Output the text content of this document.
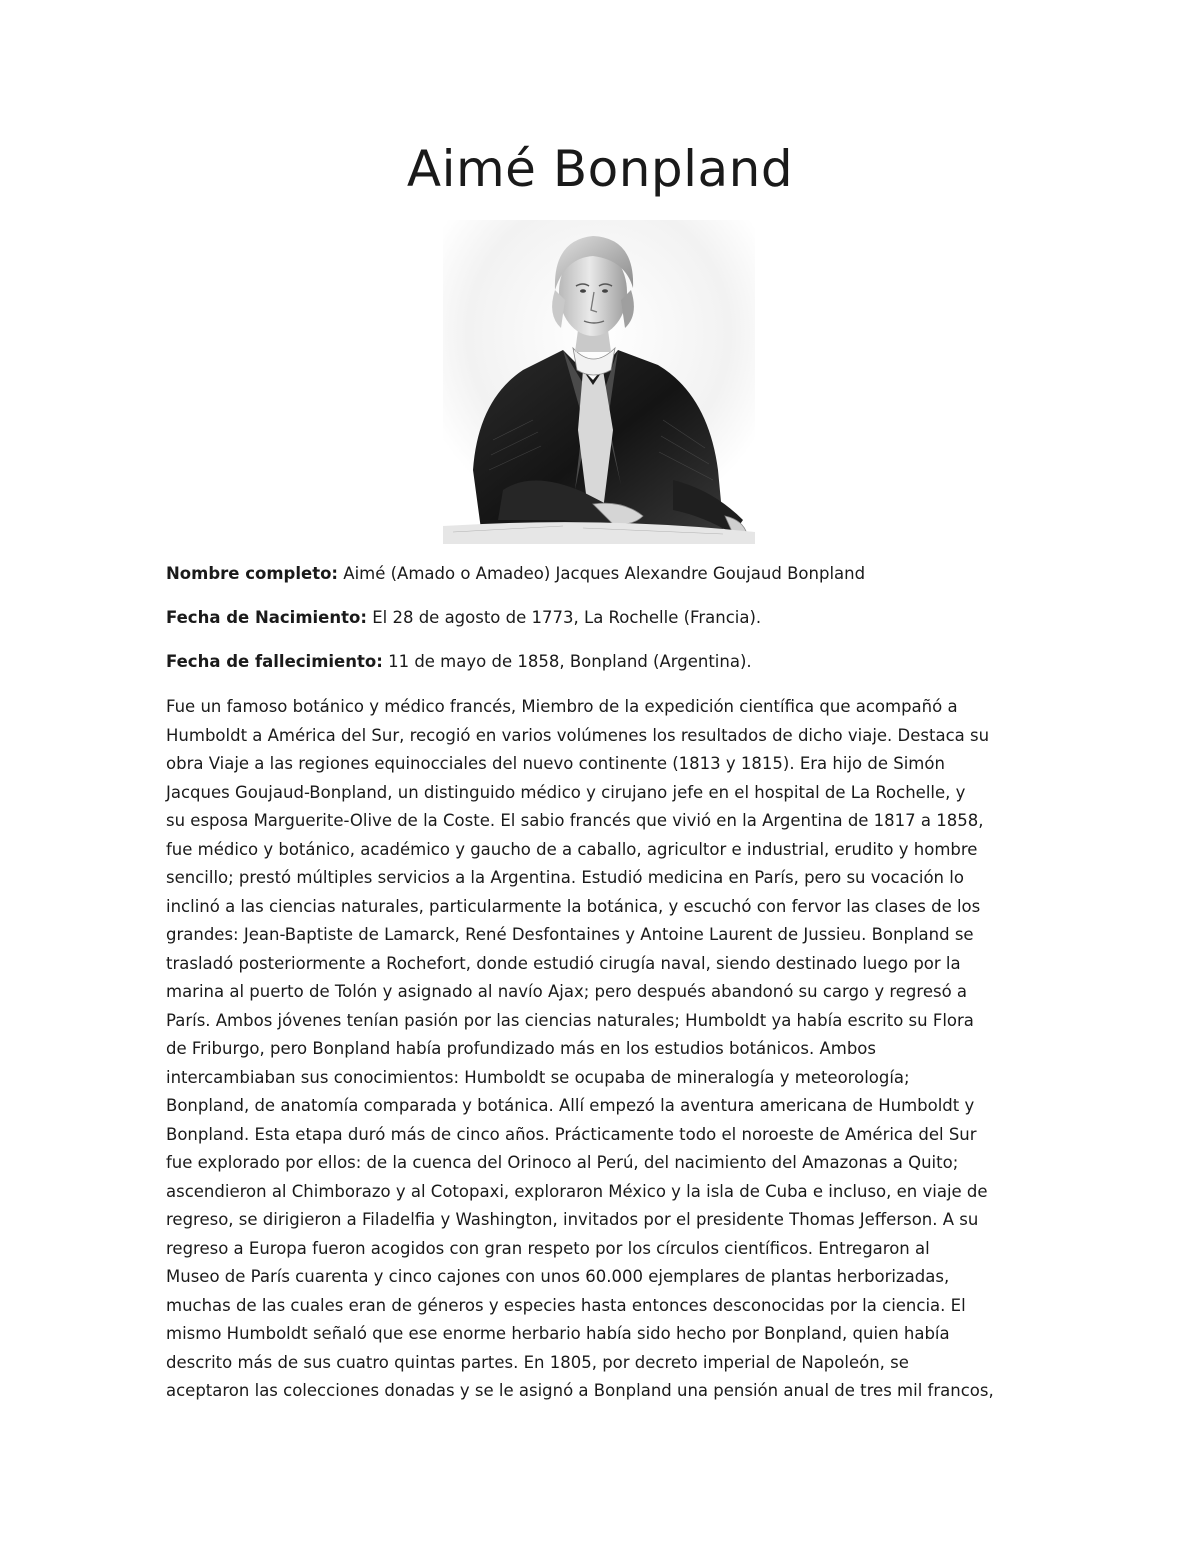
Aimé Bonpland
Nombre completo: Aimé (Amado o Amadeo) Jacques Alexandre Goujaud Bonpland
Fecha de Nacimiento: El 28 de agosto de 1773, La Rochelle (Francia).
Fecha de fallecimiento: 11 de mayo de 1858, Bonpland (Argentina).
Fue un famoso botánico y médico francés, Miembro de la expedición científica que acompañó a
Humboldt a América del Sur, recogió en varios volúmenes los resultados de dicho viaje. Destaca su
obra Viaje a las regiones equinocciales del nuevo continente (1813 y 1815). Era hijo de Simón
Jacques Goujaud-Bonpland, un distinguido médico y cirujano jefe en el hospital de La Rochelle, y
su esposa Marguerite-Olive de la Coste. El sabio francés que vivió en la Argentina de 1817 a 1858,
fue médico y botánico, académico y gaucho de a caballo, agricultor e industrial, erudito y hombre
sencillo; prestó múltiples servicios a la Argentina. Estudió medicina en París, pero su vocación lo
inclinó a las ciencias naturales, particularmente la botánica, y escuchó con fervor las clases de los
grandes: Jean-Baptiste de Lamarck, René Desfontaines y Antoine Laurent de Jussieu. Bonpland se
trasladó posteriormente a Rochefort, donde estudió cirugía naval, siendo destinado luego por la
marina al puerto de Tolón y asignado al navío Ajax; pero después abandonó su cargo y regresó a
París. Ambos jóvenes tenían pasión por las ciencias naturales; Humboldt ya había escrito su Flora
de Friburgo, pero Bonpland había profundizado más en los estudios botánicos. Ambos
intercambiaban sus conocimientos: Humboldt se ocupaba de mineralogía y meteorología;
Bonpland, de anatomía comparada y botánica. Allí empezó la aventura americana de Humboldt y
Bonpland. Esta etapa duró más de cinco años. Prácticamente todo el noroeste de América del Sur
fue explorado por ellos: de la cuenca del Orinoco al Perú, del nacimiento del Amazonas a Quito;
ascendieron al Chimborazo y al Cotopaxi, exploraron México y la isla de Cuba e incluso, en viaje de
regreso, se dirigieron a Filadelfia y Washington, invitados por el presidente Thomas Jefferson. A su
regreso a Europa fueron acogidos con gran respeto por los círculos científicos. Entregaron al
Museo de París cuarenta y cinco cajones con unos 60.000 ejemplares de plantas herborizadas,
muchas de las cuales eran de géneros y especies hasta entonces desconocidas por la ciencia. El
mismo Humboldt señaló que ese enorme herbario había sido hecho por Bonpland, quien había
descrito más de sus cuatro quintas partes. En 1805, por decreto imperial de Napoleón, se
aceptaron las colecciones donadas y se le asignó a Bonpland una pensión anual de tres mil francos,
